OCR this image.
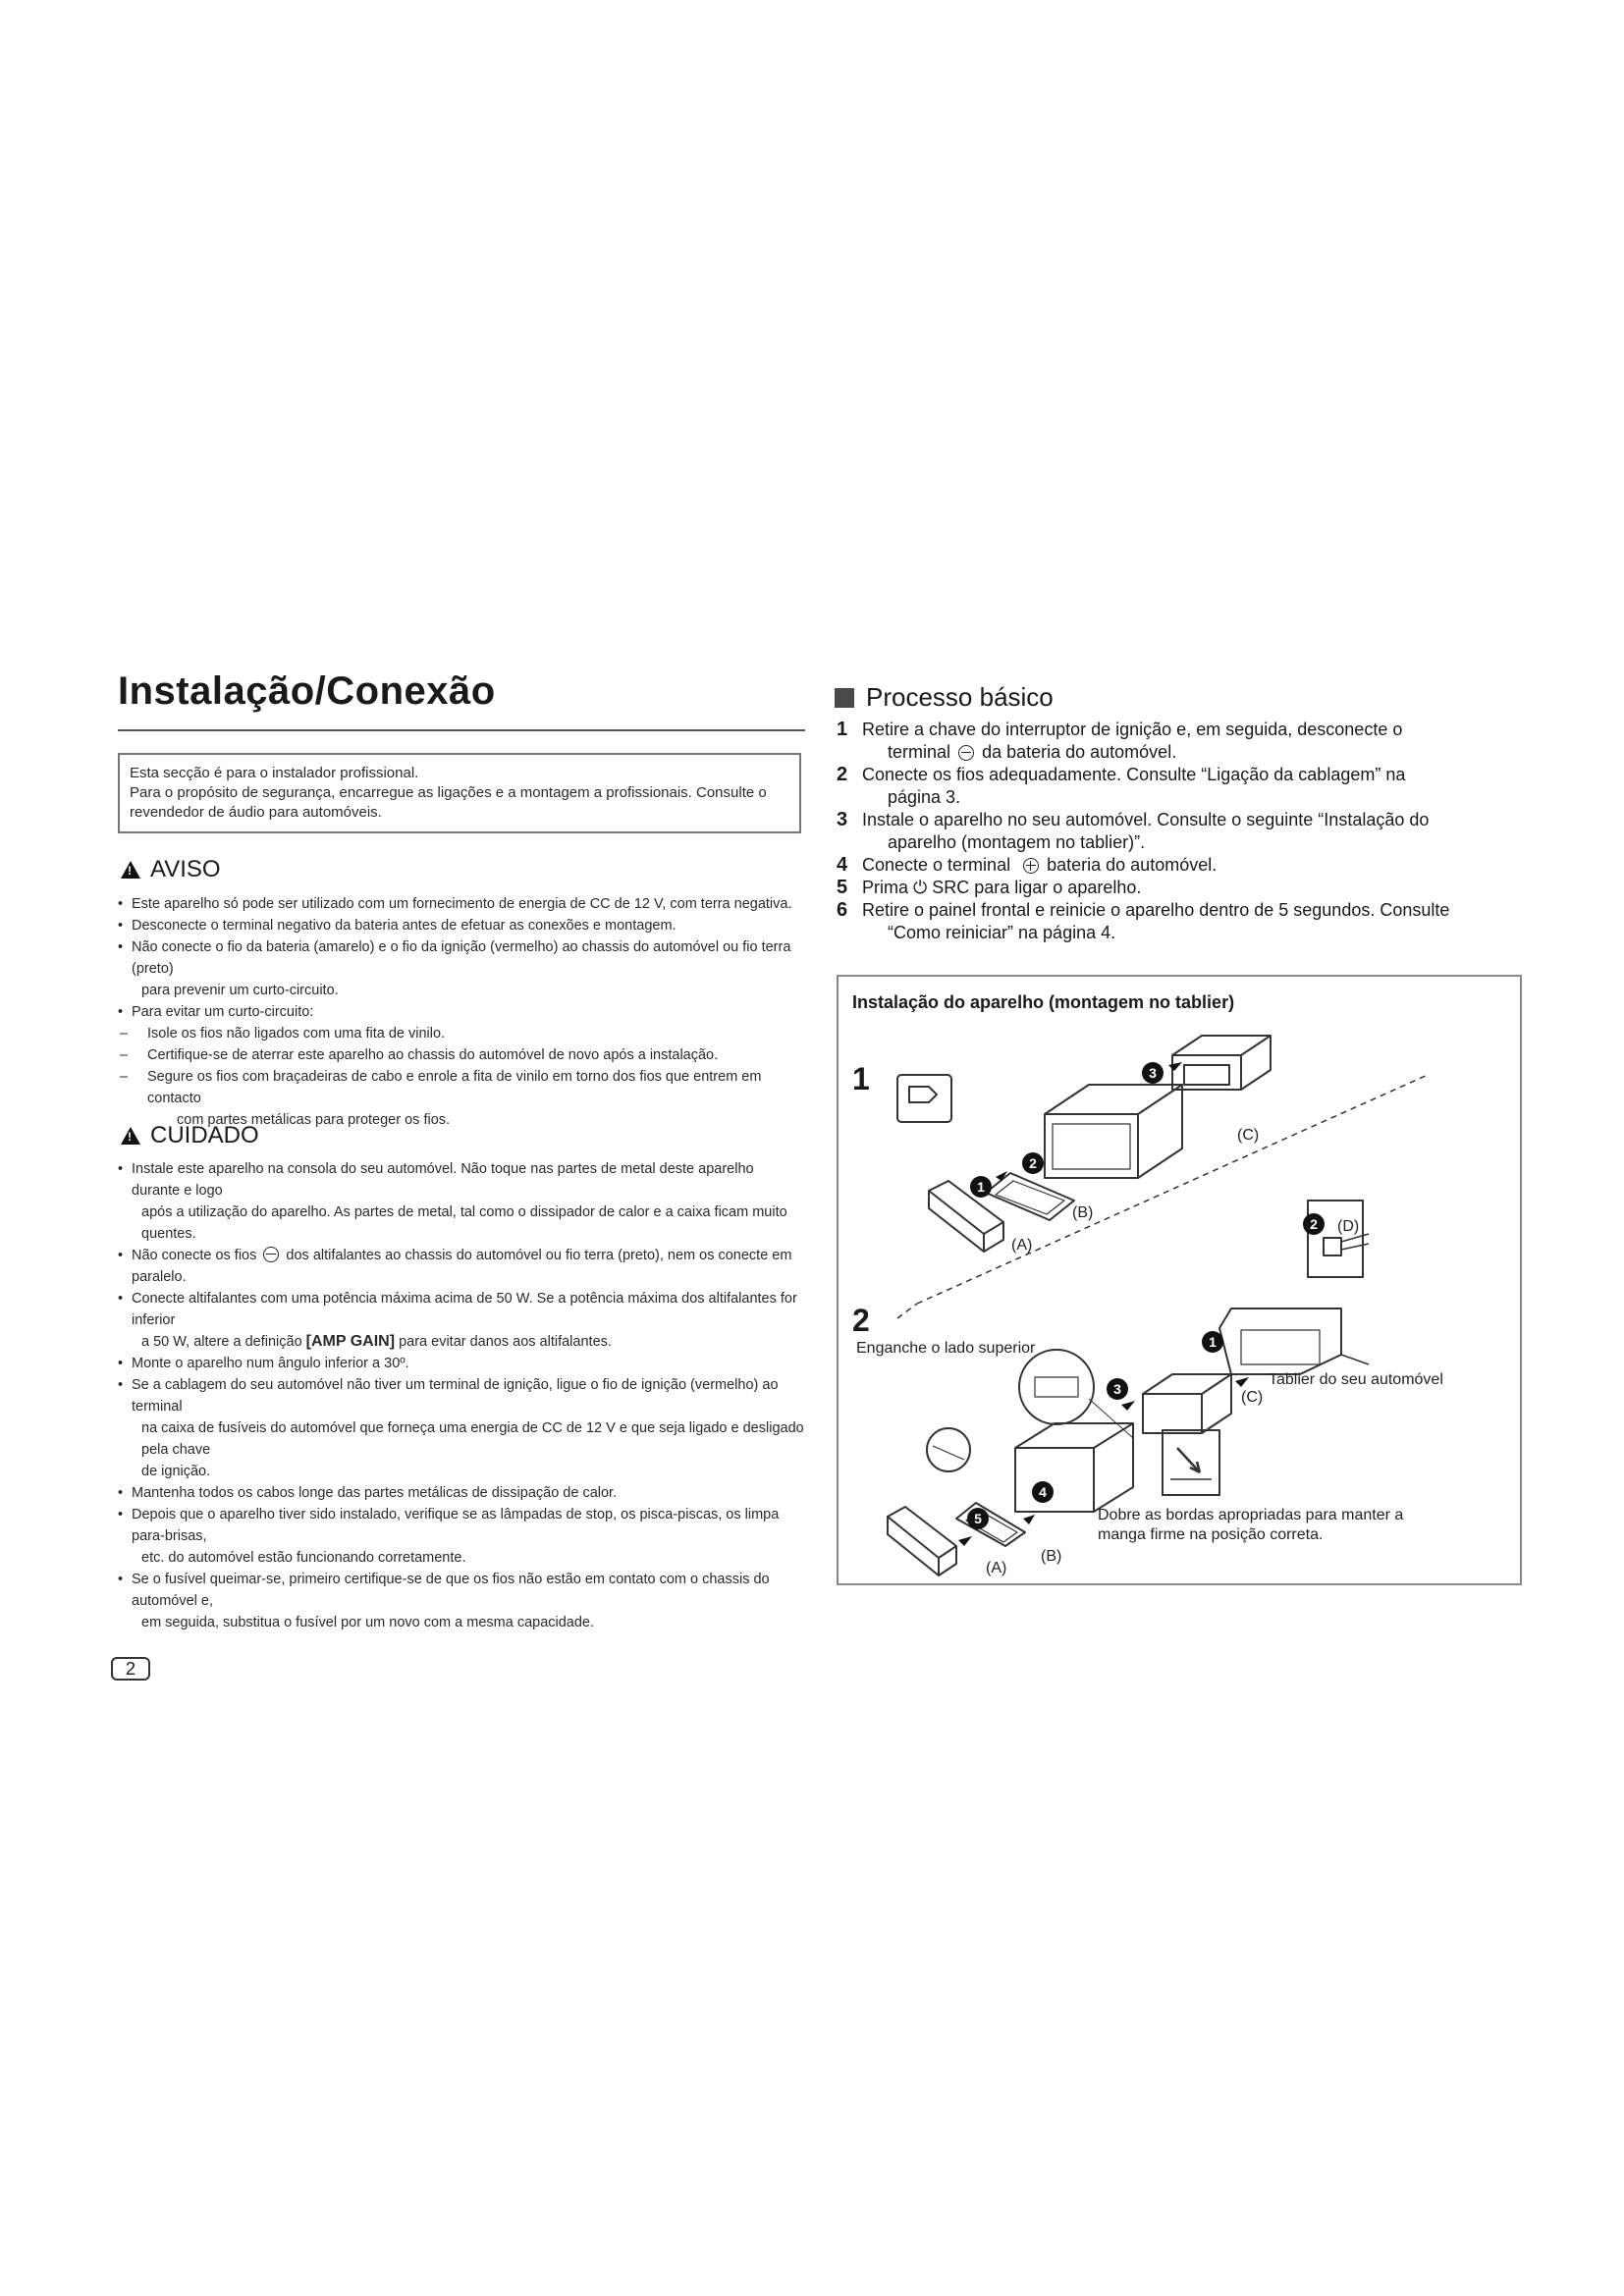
Instalação/Conexão

Esta secção é para o instalador profissional.

Para o propósito de segurança, encarregue as ligações e a montagem a profissionais. Consulte o revendedor de áudio para automóveis.

!
AVISO
• Este aparelho só pode ser utilizado com um fornecimento de energia de CC de 12 V, com terra negativa.
• Desconecte o terminal negativo da bateria antes de efetuar as conexões e montagem.
• Não conecte o fio da bateria (amarelo) e o fio da ignição (vermelho) ao chassis do automóvel ou fio terra (preto)
para prevenir um curto-circuito.
• Para evitar um curto-circuito:
– Isole os fios não ligados com uma fita de vinilo.
– Certifique-se de aterrar este aparelho ao chassis do automóvel de novo após a instalação.
– Segure os fios com braçadeiras de cabo e enrole a fita de vinilo em torno dos fios que entrem em contacto
com partes metálicas para proteger os fios.
!
CUIDADO
• Instale este aparelho na consola do seu automóvel. Não toque nas partes de metal deste aparelho durante e logo
após a utilização do aparelho. As partes de metal, tal como o dissipador de calor e a caixa ficam muito quentes.
• Não conecte os fios dos altifalantes ao chassis do automóvel ou fio terra (preto), nem os conecte em paralelo.
• Conecte altifalantes com uma potência máxima acima de 50 W. Se a potência máxima dos altifalantes for inferior
a 50 W, altere a definição [AMP GAIN] para evitar danos aos altifalantes.
• Monte o aparelho num ângulo inferior a 30º.
• Se a cablagem do seu automóvel não tiver um terminal de ignição, ligue o fio de ignição (vermelho) ao terminal
na caixa de fusíveis do automóvel que forneça uma energia de CC de 12 V e que seja ligado e desligado pela chave
de ignição.
• Mantenha todos os cabos longe das partes metálicas de dissipação de calor.
• Depois que o aparelho tiver sido instalado, verifique se as lâmpadas de stop, os pisca-piscas, os limpa para-brisas,
etc. do automóvel estão funcionando corretamente.
• Se o fusível queimar-se, primeiro certifique-se de que os fios não estão em contato com o chassis do automóvel e,
em seguida, substitua o fusível por um novo com a mesma capacidade.
Processo básico
1 Retire a chave do interruptor de ignição e, em seguida, desconecte o
terminal da bateria do automóvel.
2 Conecte os fios adequadamente. Consulte “Ligação da cablagem” na
página 3.
3 Instale o aparelho no seu automóvel. Consulte o seguinte “Instalação do
aparelho (montagem no tablier)”.
4 Conecte o terminal bateria do automóvel.
5 Prima ⏻ SRC para ligar o aparelho.
6 Retire o painel frontal e reinicie o aparelho dentro de 5 segundos. Consulte
“Como reiniciar” na página 4.
1
2
3
2
1
3
4
5

Instalação do aparelho (montagem no tablier)

1
2
(C)
(B)
(A)
(D)
(C)
(B)
(A)
Enganche o lado superior
Tablier do seu automóvel
Dobre as bordas apropriadas para manter a
manga firme na posição correta.
2
